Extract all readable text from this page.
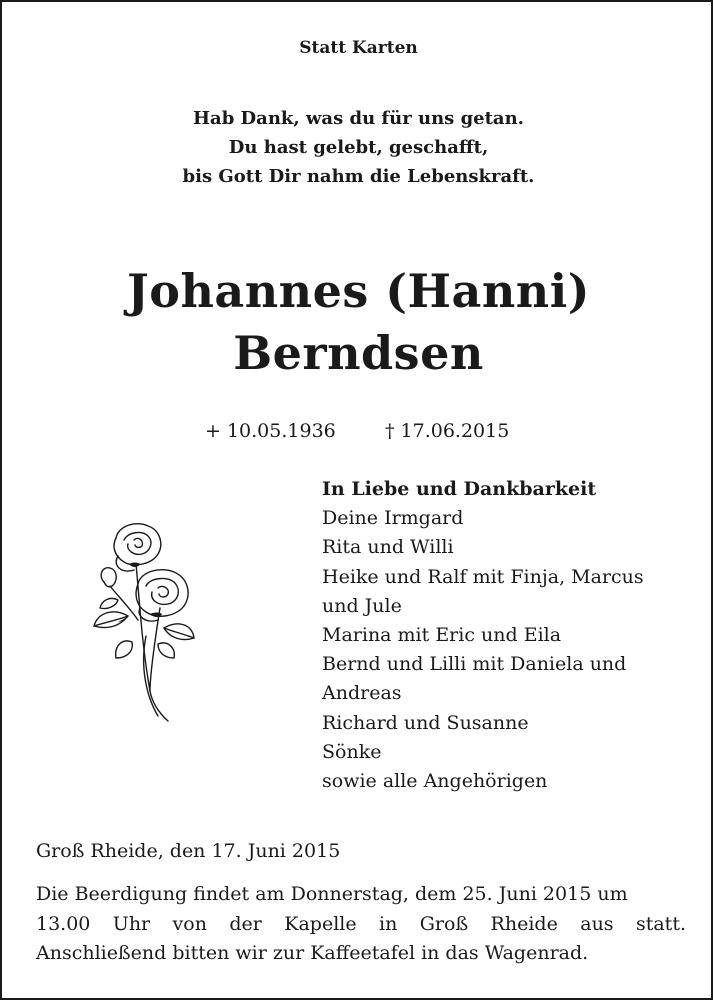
Statt Karten
Hab Dank, was du für uns getan.
Du hast gelebt, geschafft,
bis Gott Dir nahm die Lebenskraft.
Johannes (Hanni)
Berndsen
+ 10.05.1936	† 17.06.2015
In Liebe und Dankbarkeit
Deine Irmgard
Rita und Willi
Heike und Ralf mit Finja, Marcus
und Jule
Marina mit Eric und Eila
Bernd und Lilli mit Daniela und
Andreas
Richard und Susanne
Sönke
sowie alle Angehörigen
Groß Rheide, den 17. Juni 2015
Die Beerdigung findet am Donnerstag, dem 25. Juni 2015 um
13.00 Uhr von der Kapelle in Groß Rheide aus statt.
Anschließend bitten wir zur Kaffeetafel in das Wagenrad.
